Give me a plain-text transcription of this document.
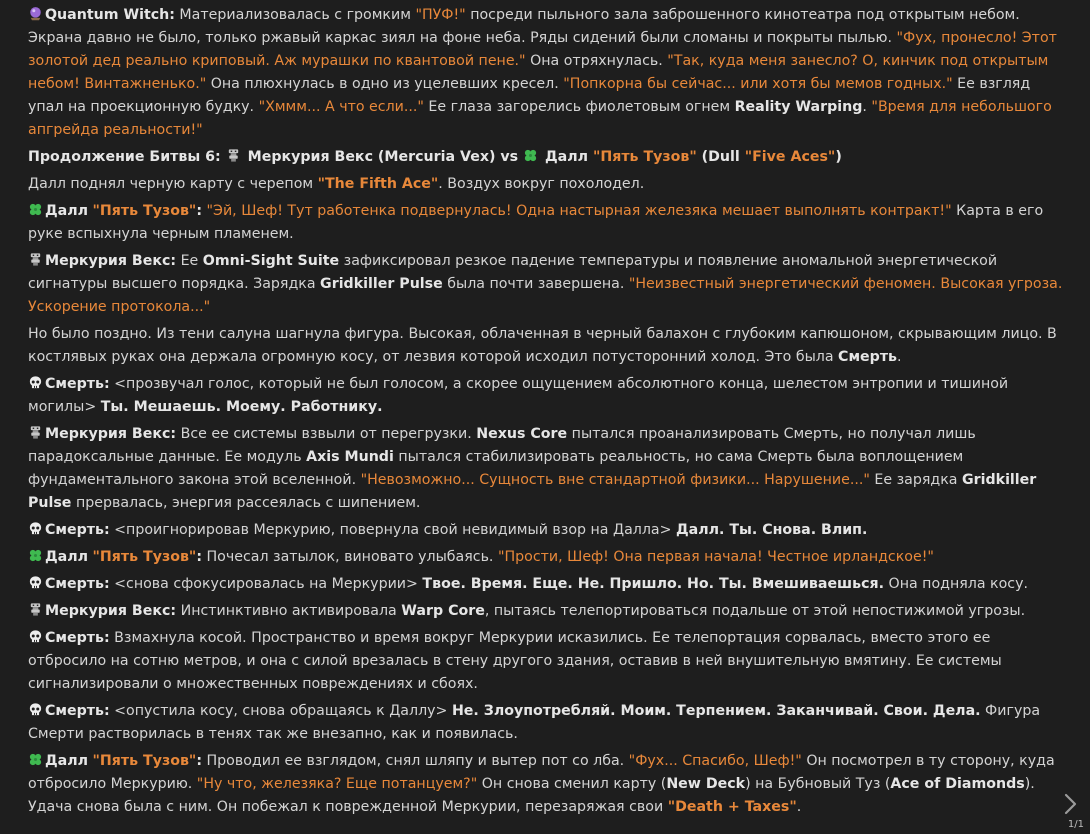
Quantum Witch: Материализовалась с громким "ПУФ!" посреди пыльного зала заброшенного кинотеатра под открытым небом. Экрана давно не было, только ржавый каркас зиял на фоне неба. Ряды сидений были сломаны и покрыты пылью. "Фух, пронесло! Этот золотой дед реально криповый. Аж мурашки по квантовой пене." Она отряхнулась. "Так, куда меня занесло? О, кинчик под открытым небом! Винтажненько." Она плюхнулась в одно из уцелевших кресел. "Попкорна бы сейчас... или хотя бы мемов годных." Ее взгляд упал на проекционную будку. "Хммм... А что если..." Ее глаза загорелись фиолетовым огнем Reality Warping. "Время для небольшого апгрейда реальности!"
Продолжение Битвы 6:  Меркурия Векс (Mercuria Vex) vs  Далл "Пять Тузов" (Dull "Five Aces")
Далл поднял черную карту с черепом "The Fifth Ace". Воздух вокруг похолодел.
Далл "Пять Тузов": "Эй, Шеф! Тут работенка подвернулась! Одна настырная железяка мешает выполнять контракт!" Карта в его руке вспыхнула черным пламенем.
Меркурия Векс: Ее Omni-Sight Suite зафиксировал резкое падение температуры и появление аномальной энергетической сигнатуры высшего порядка. Зарядка Gridkiller Pulse была почти завершена. "Неизвестный энергетический феномен. Высокая угроза. Ускорение протокола..."
Но было поздно. Из тени салуна шагнула фигура. Высокая, облаченная в черный балахон с глубоким капюшоном, скрывающим лицо. В костлявых руках она держала огромную косу, от лезвия которой исходил потусторонний холод. Это была Смерть.
Смерть: <прозвучал голос, который не был голосом, а скорее ощущением абсолютного конца, шелестом энтропии и тишиной могилы> Ты. Мешаешь. Моему. Работнику.
Меркурия Векс: Все ее системы взвыли от перегрузки. Nexus Core пытался проанализировать Смерть, но получал лишь парадоксальные данные. Ее модуль Axis Mundi пытался стабилизировать реальность, но сама Смерть была воплощением фундаментального закона этой вселенной. "Невозможно... Сущность вне стандартной физики... Нарушение..." Ее зарядка Gridkiller Pulse прервалась, энергия рассеялась с шипением.
Смерть: <проигнорировав Меркурию, повернула свой невидимый взор на Далла> Далл. Ты. Снова. Влип.
Далл "Пять Тузов": Почесал затылок, виновато улыбаясь. "Прости, Шеф! Она первая начала! Честное ирландское!"
Смерть: <снова сфокусировалась на Меркурии> Твое. Время. Еще. Не. Пришло. Но. Ты. Вмешиваешься. Она подняла косу.
Меркурия Векс: Инстинктивно активировала Warp Core, пытаясь телепортироваться подальше от этой непостижимой угрозы.
Смерть: Взмахнула косой. Пространство и время вокруг Меркурии исказились. Ее телепортация сорвалась, вместо этого ее отбросило на сотню метров, и она с силой врезалась в стену другого здания, оставив в ней внушительную вмятину. Ее системы сигнализировали о множественных повреждениях и сбоях.
Смерть: <опустила косу, снова обращаясь к Даллу> Не. Злоупотребляй. Моим. Терпением. Заканчивай. Свои. Дела. Фигура Смерти растворилась в тенях так же внезапно, как и появилась.
Далл "Пять Тузов": Проводил ее взглядом, снял шляпу и вытер пот со лба. "Фух... Спасибо, Шеф!" Он посмотрел в ту сторону, куда отбросило Меркурию. "Ну что, железяка? Еще потанцуем?" Он снова сменил карту (New Deck) на Бубновый Туз (Ace of Diamonds). Удача снова была с ним. Он побежал к поврежденной Меркурии, перезаряжая свои "Death + Taxes".
1/1
